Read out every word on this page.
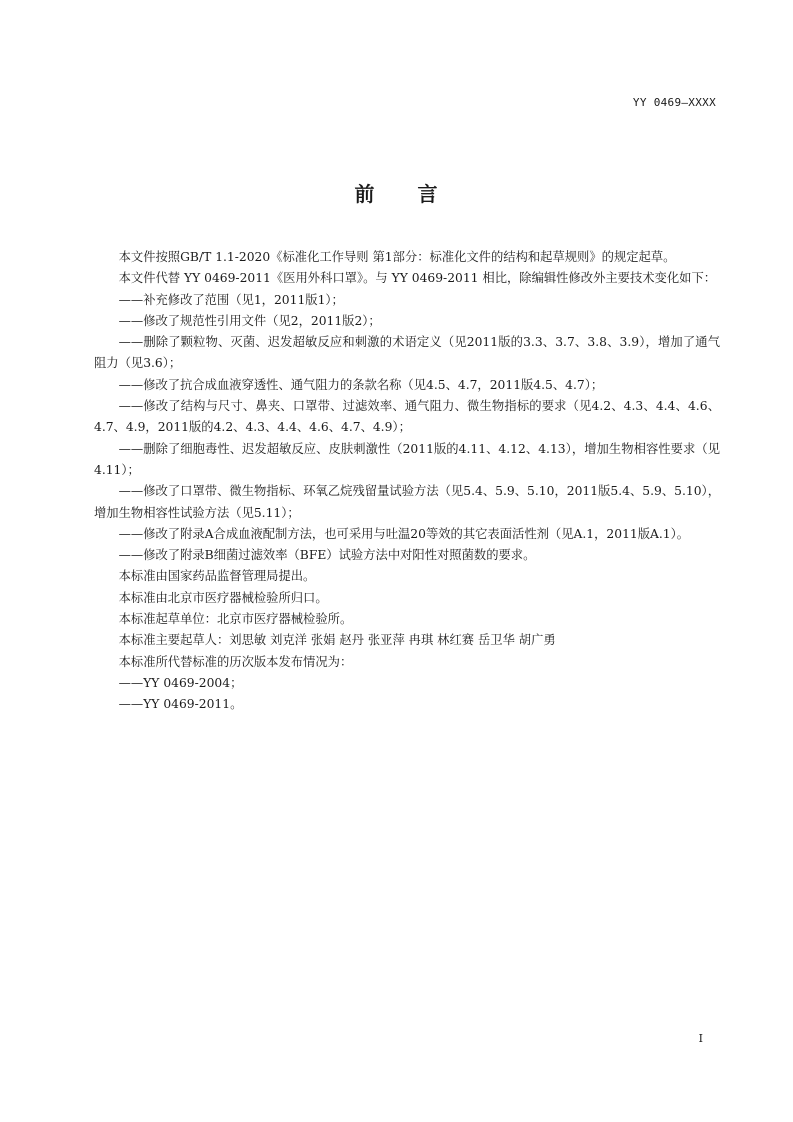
YY 0469—XXXX
前 言

本文件按照GB/T 1.1-2020《标准化工作导则 第1部分：标准化文件的结构和起草规则》的规定起草。

本文件代替 YY 0469-2011《医用外科口罩》。与 YY 0469-2011 相比，除编辑性修改外主要技术变化如下：

——补充修改了范围（见1，2011版1）；

——修改了规范性引用文件（见2，2011版2）；

——删除了颗粒物、灭菌、迟发超敏反应和刺激的术语定义（见2011版的3.3、3.7、3.8、3.9），增加了通气阻力（见3.6）；

——修改了抗合成血液穿透性、通气阻力的条款名称（见4.5、4.7，2011版4.5、4.7）；

——修改了结构与尺寸、鼻夹、口罩带、过滤效率、通气阻力、微生物指标的要求（见4.2、4.3、4.4、4.6、4.7、4.9，2011版的4.2、4.3、4.4、4.6、4.7、4.9）；

——删除了细胞毒性、迟发超敏反应、皮肤刺激性（2011版的4.11、4.12、4.13），增加生物相容性要求（见4.11）；

——修改了口罩带、微生物指标、环氧乙烷残留量试验方法（见5.4、5.9、5.10，2011版5.4、5.9、5.10），增加生物相容性试验方法（见5.11）；

——修改了附录A合成血液配制方法，也可采用与吐温20等效的其它表面活性剂（见A.1，2011版A.1）。

——修改了附录B细菌过滤效率（BFE）试验方法中对阳性对照菌数的要求。

本标准由国家药品监督管理局提出。

本标准由北京市医疗器械检验所归口。

本标准起草单位：北京市医疗器械检验所。

本标准主要起草人：刘思敏 刘克洋 张娟 赵丹 张亚萍 冉琪 林红赛 岳卫华 胡广勇

本标准所代替标准的历次版本发布情况为：

——YY 0469-2004；

——YY 0469-2011。

I
